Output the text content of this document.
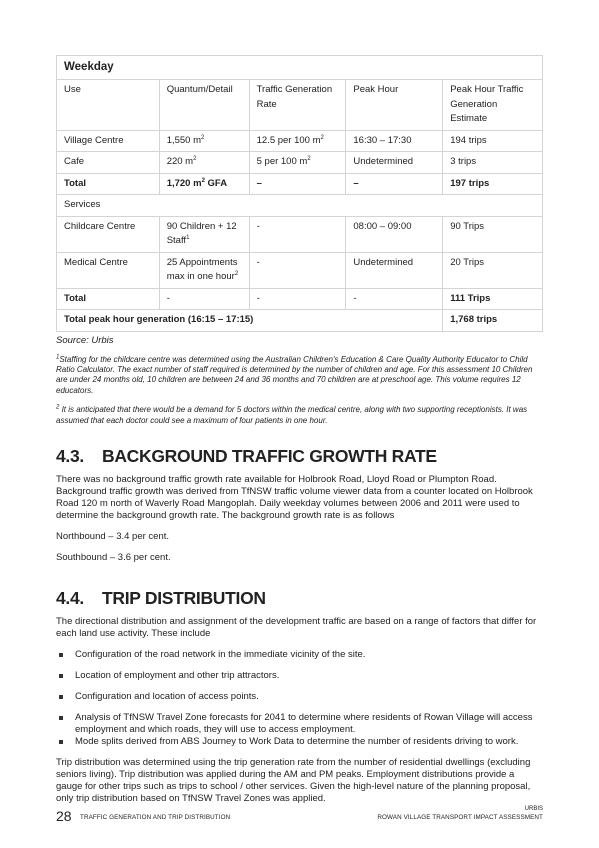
Weekday				
Use	Quantum/Detail	Traffic Generation Rate	Peak Hour	Peak Hour Traffic Generation Estimate
Village Centre	1,550 $m^2$	12.5 per 100 $m^2$	16:30 – 17:30	194 trips
Cafe	220 $m^2$	5 per 100 $m^2$	Undetermined	3 trips
Total	1,720 $m^2$ GFA	–	–	197 trips
Services				
Childcare Centre	90 Children + 12 Staff$^1$	-	08:00 – 09:00	90 Trips
Medical Centre	25 Appointments max in one hour$^2$	-	Undetermined	20 Trips
Total	-	-	-	111 Trips
Total peak hour generation (16:15 – 17:15)				1,768 trips
Source: Urbis
$^1$Staffing for the childcare centre was determined using the Australian Children's Education & Care Quality Authority Educator to Child Ratio Calculator. The exact number of staff required is determined by the number of children and age. For this assessment 10 Children are under 24 months old, 10 children are between 24 and 36 months and 70 children are at preschool age. This volume requires 12 educators.
$^2$ It is anticipated that there would be a demand for 5 doctors within the medical centre, along with two supporting receptionists. It was assumed that each doctor could see a maximum of four patients in one hour.
4.3. BACKGROUND TRAFFIC GROWTH RATE

There was no background traffic growth rate available for Holbrook Road, Lloyd Road or Plumpton Road. Background traffic growth was derived from TfNSW traffic volume viewer data from a counter located on Holbrook Road 120 m north of Waverly Road Mangoplah. Daily weekday volumes between 2006 and 2011 were used to determine the background growth rate. The background growth rate is as follows

Northbound – 3.4 per cent.

Southbound – 3.6 per cent.

4.4. TRIP DISTRIBUTION

The directional distribution and assignment of the development traffic are based on a range of factors that differ for each land use activity. These include

Configuration of the road network in the immediate vicinity of the site.
Location of employment and other trip attractors.
Configuration and location of access points.
Analysis of TfNSW Travel Zone forecasts for 2041 to determine where residents of Rowan Village will access employment and which roads, they will use to access employment.
Mode splits derived from ABS Journey to Work Data to determine the number of residents driving to work.

Trip distribution was determined using the trip generation rate from the number of residential dwellings (excluding seniors living). Trip distribution was applied during the AM and PM peaks. Employment distributions provide a gauge for other trips such as trips to school / other services. Given the high-level nature of the planning proposal, only trip distribution based on TfNSW Travel Zones was applied.

28 TRAFFIC GENERATION AND TRIP DISTRIBUTION
URBIS
ROWAN VILLAGE TRANSPORT IMPACT ASSESSMENT
